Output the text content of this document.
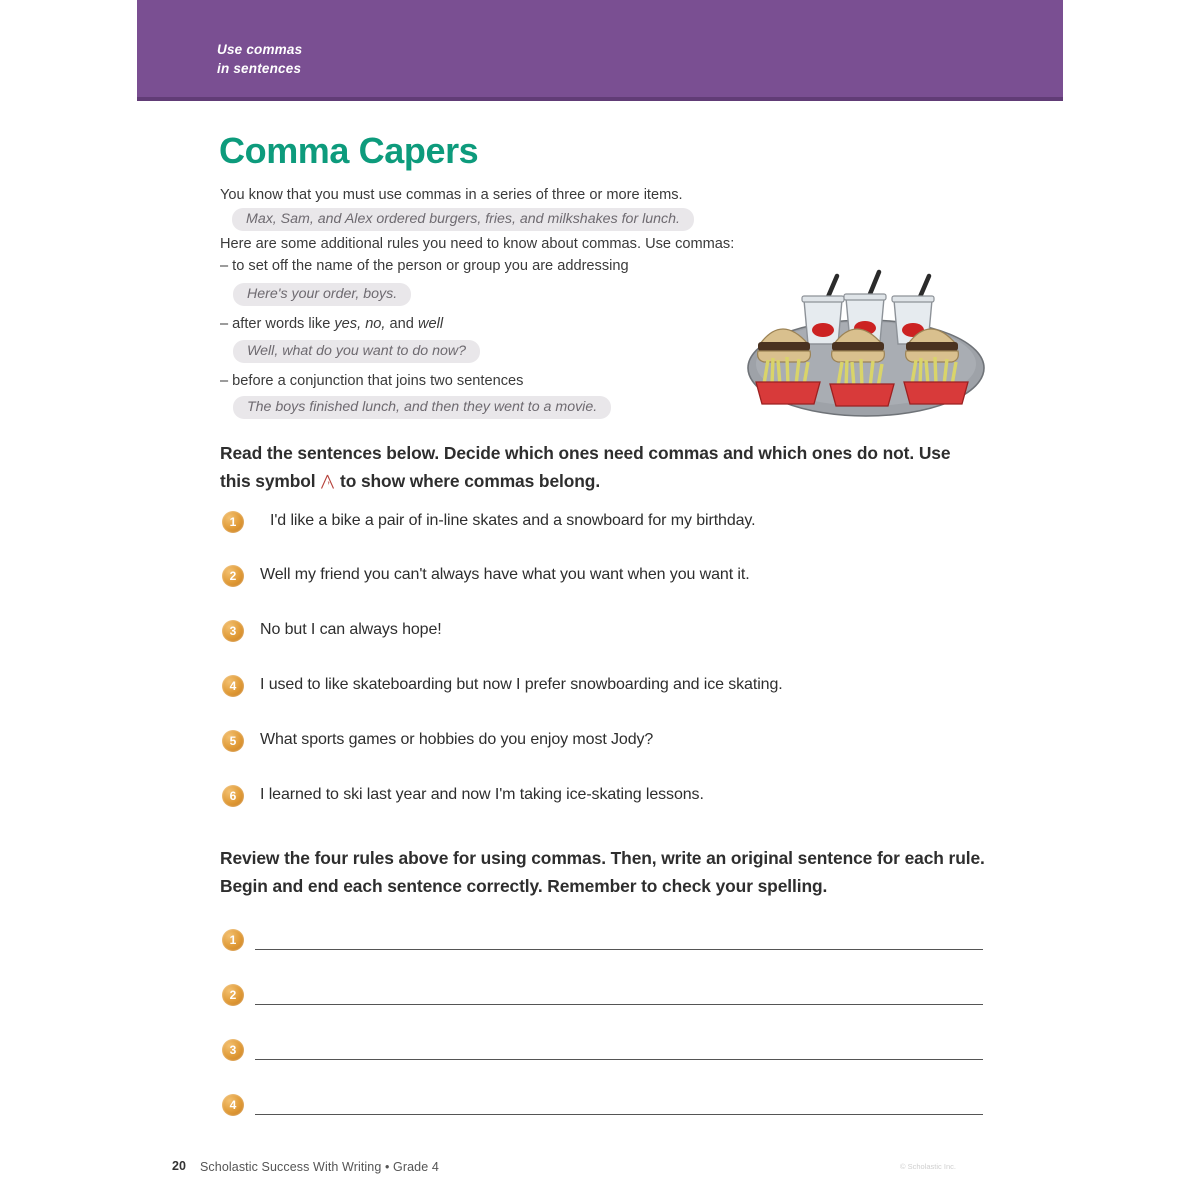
Use commas
in sentences
Comma Capers
You know that you must use commas in a series of three or more items.
Max, Sam, and Alex ordered burgers, fries, and milkshakes for lunch.
Here are some additional rules you need to know about commas. Use commas:
– to set off the name of the person or group you are addressing
Here's your order, boys.
– after words like yes, no, and well
Well, what do you want to do now?
– before a conjunction that joins two sentences
The boys finished lunch, and then they went to a movie.
Read the sentences below. Decide which ones need commas and which ones do not. Use this symbol to show where commas belong.
1	I'd like a bike a pair of in-line skates and a snowboard for my birthday.
2	Well my friend you can't always have what you want when you want it.
3	No but I can always hope!
4	I used to like skateboarding but now I prefer snowboarding and ice skating.
5	What sports games or hobbies do you enjoy most Jody?
6	I learned to ski last year and now I'm taking ice-skating lessons.
Review the four rules above for using commas. Then, write an original sentence for each rule. Begin and end each sentence correctly. Remember to check your spelling.
1
2
3
4
20 Scholastic Success With Writing • Grade 4	© Scholastic Inc.
